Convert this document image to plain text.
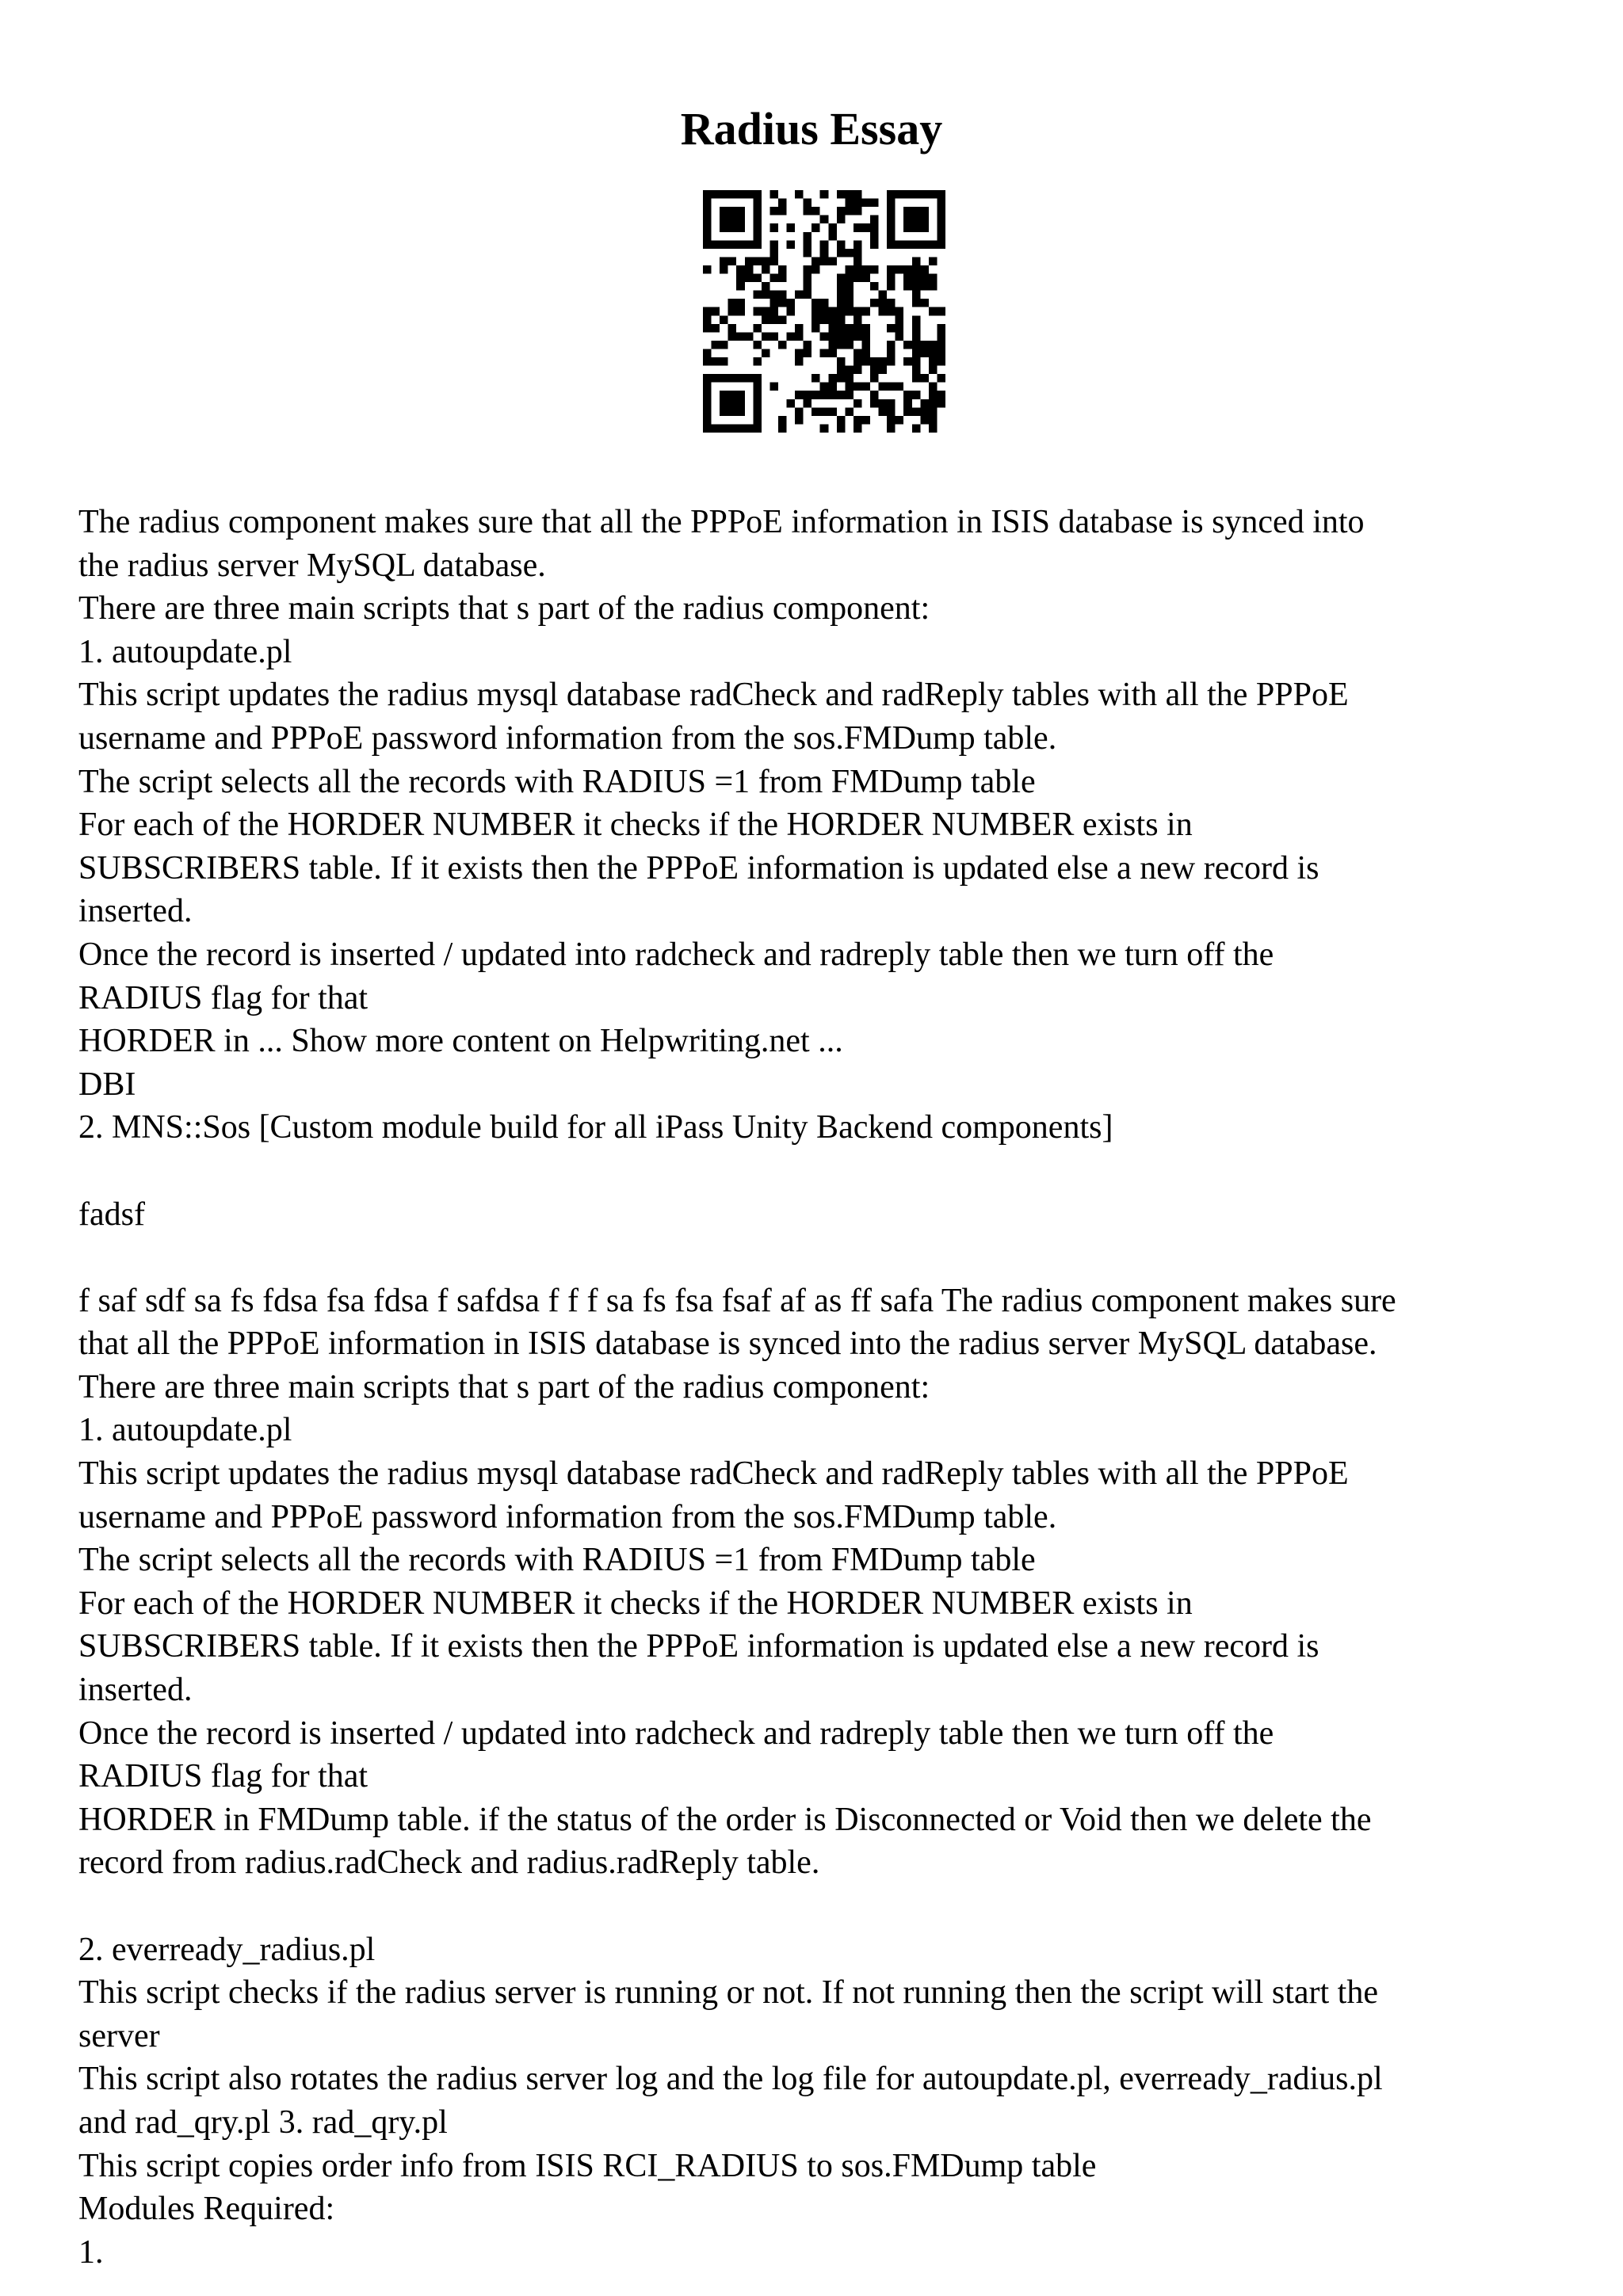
Radius Essay
The radius component makes sure that all the PPPoE information in ISIS database is synced into
the radius server MySQL database.
There are three main scripts that s part of the radius component:
1. autoupdate.pl
This script updates the radius mysql database radCheck and radReply tables with all the PPPoE
username and PPPoE password information from the sos.FMDump table.
The script selects all the records with RADIUS =1 from FMDump table
For each of the HORDER NUMBER it checks if the HORDER NUMBER exists in
SUBSCRIBERS table. If it exists then the PPPoE information is updated else a new record is
inserted.
Once the record is inserted / updated into radcheck and radreply table then we turn off the
RADIUS flag for that
HORDER in ... Show more content on Helpwriting.net ...
DBI
2. MNS::Sos [Custom module build for all iPass Unity Backend components]
fadsf
f saf sdf sa fs fdsa fsa fdsa f safdsa f f f sa fs fsa fsaf af as ff safa The radius component makes sure
that all the PPPoE information in ISIS database is synced into the radius server MySQL database.
There are three main scripts that s part of the radius component:
1. autoupdate.pl
This script updates the radius mysql database radCheck and radReply tables with all the PPPoE
username and PPPoE password information from the sos.FMDump table.
The script selects all the records with RADIUS =1 from FMDump table
For each of the HORDER NUMBER it checks if the HORDER NUMBER exists in
SUBSCRIBERS table. If it exists then the PPPoE information is updated else a new record is
inserted.
Once the record is inserted / updated into radcheck and radreply table then we turn off the
RADIUS flag for that
HORDER in FMDump table. if the status of the order is Disconnected or Void then we delete the
record from radius.radCheck and radius.radReply table.
2. everready_radius.pl
This script checks if the radius server is running or not. If not running then the script will start the
server
This script also rotates the radius server log and the log file for autoupdate.pl, everready_radius.pl
and rad_qry.pl 3. rad_qry.pl
This script copies order info from ISIS RCI_RADIUS to sos.FMDump table
Modules Required:
1.
